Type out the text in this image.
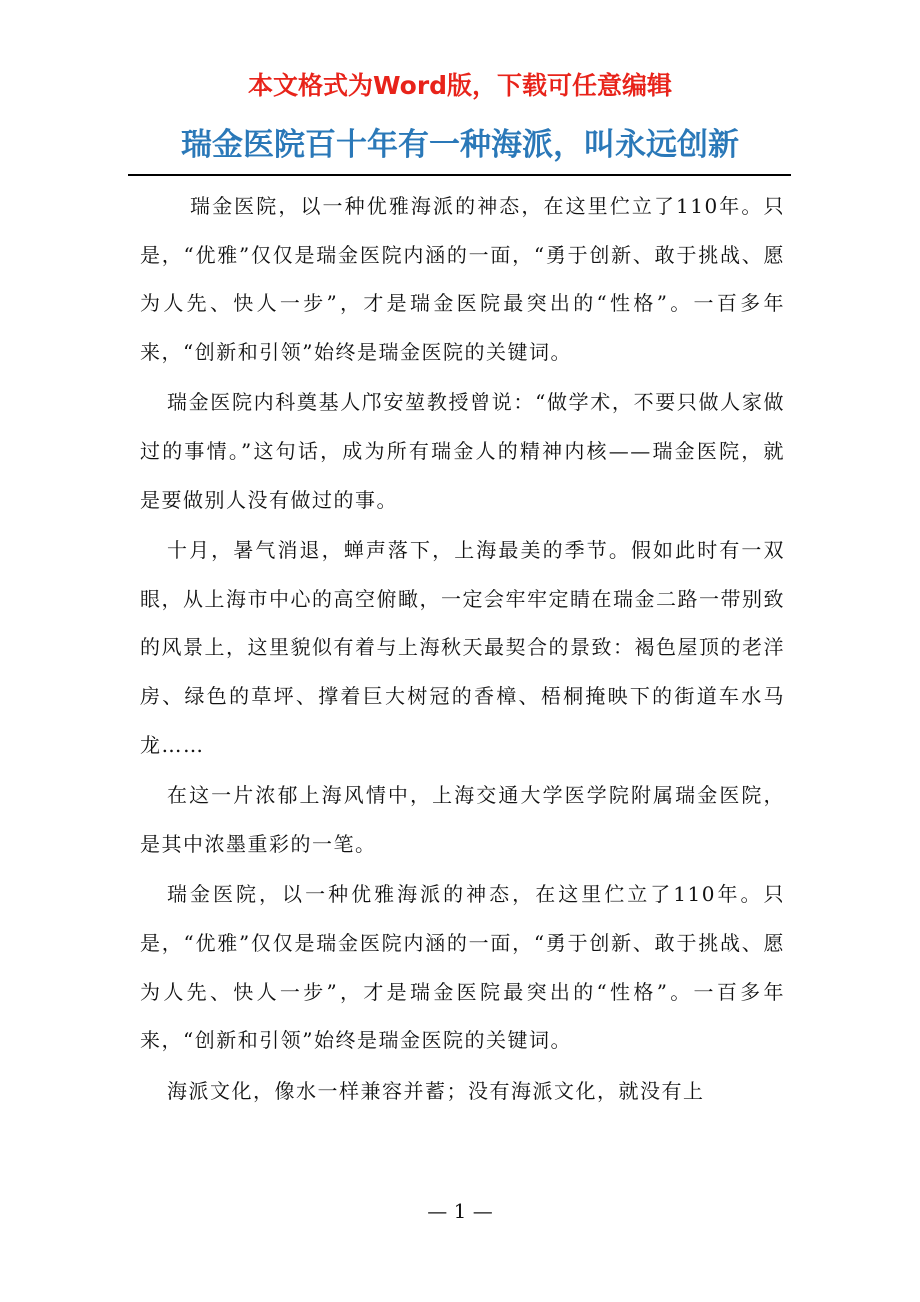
本文格式为Word版，下载可任意编辑
瑞金医院百十年有一种海派，叫永远创新

瑞金医院，以一种优雅海派的神态，在这里伫立了110年。只是，“优雅”仅仅是瑞金医院内涵的一面，“勇于创新、敢于挑战、愿为人先、快人一步”，才是瑞金医院最突出的“性格”。一百多年来，“创新和引领”始终是瑞金医院的关键词。

瑞金医院内科奠基人邝安堃教授曾说：“做学术，不要只做人家做过的事情。”这句话，成为所有瑞金人的精神内核——瑞金医院，就是要做别人没有做过的事。

十月，暑气消退，蝉声落下，上海最美的季节。假如此时有一双眼，从上海市中心的高空俯瞰，一定会牢牢定睛在瑞金二路一带别致的风景上，这里貌似有着与上海秋天最契合的景致：褐色屋顶的老洋房、绿色的草坪、撑着巨大树冠的香樟、梧桐掩映下的街道车水马龙……

在这一片浓郁上海风情中，上海交通大学医学院附属瑞金医院，是其中浓墨重彩的一笔。

瑞金医院，以一种优雅海派的神态，在这里伫立了110年。只是，“优雅”仅仅是瑞金医院内涵的一面，“勇于创新、敢于挑战、愿为人先、快人一步”，才是瑞金医院最突出的“性格”。一百多年来，“创新和引领”始终是瑞金医院的关键词。

海派文化，像水一样兼容并蓄；没有海派文化，就没有上

— 1 —
